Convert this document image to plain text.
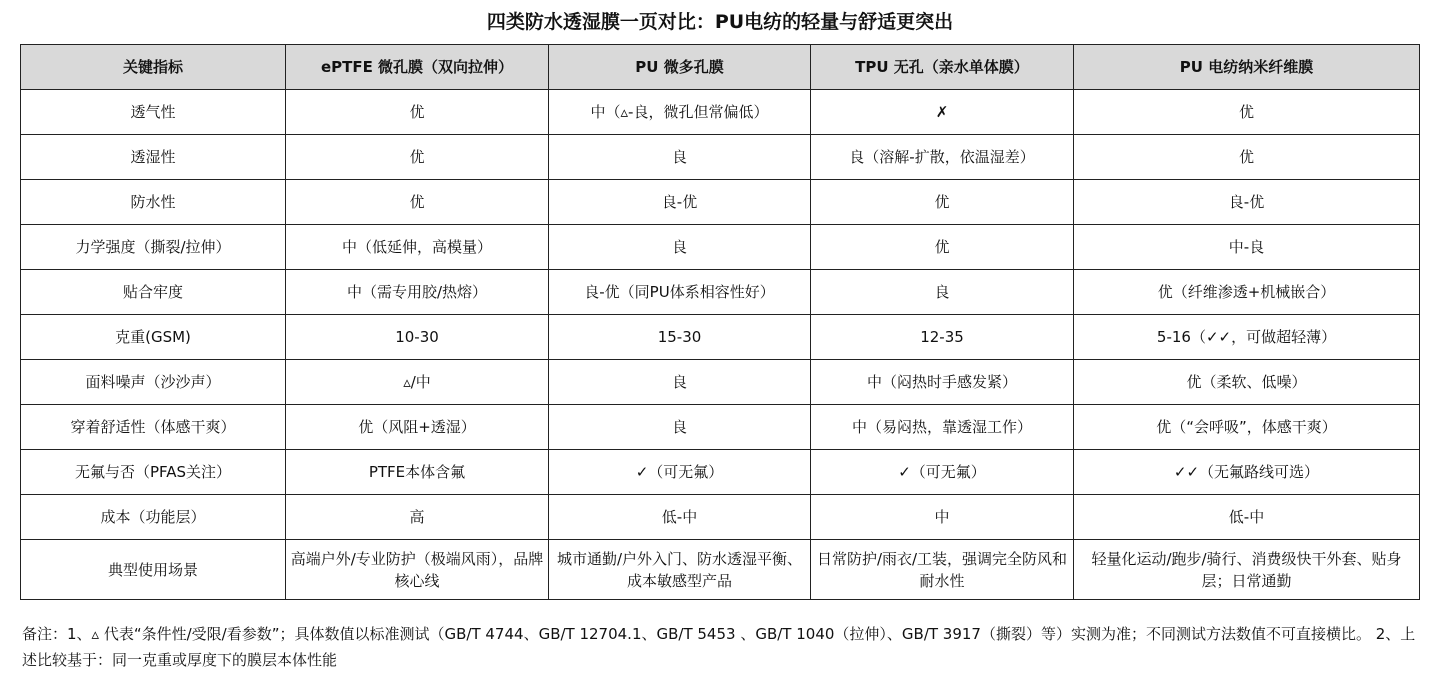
四类防水透湿膜一页对比：PU电纺的轻量与舒适更突出
关键指标	ePTFE 微孔膜（双向拉伸）	PU 微多孔膜	TPU 无孔（亲水单体膜）	PU 电纺纳米纤维膜
透气性	优	中（▵-良，微孔但常偏低）	✗	优
透湿性	优	良	良（溶解-扩散，依温湿差）	优
防水性	优	良-优	优	良-优
力学强度（撕裂/拉伸）	中（低延伸，高模量）	良	优	中-良
贴合牢度	中（需专用胶/热熔）	良-优（同PU体系相容性好）	良	优（纤维渗透+机械嵌合）
克重(GSM)	10-30	15-30	12-35	5-16（✓✓，可做超轻薄）
面料噪声（沙沙声）	▵/中	良	中（闷热时手感发紧）	优（柔软、低噪）
穿着舒适性（体感干爽）	优（风阻+透湿）	良	中（易闷热，靠透湿工作）	优（“会呼吸”，体感干爽）
无氟与否（PFAS关注）	PTFE本体含氟	✓（可无氟）	✓（可无氟）	✓✓（无氟路线可选）
成本（功能层）	高	低-中	中	低-中
典型使用场景	高端户外/专业防护（极端风雨），品牌核心线	城市通勤/户外入门、防水透湿平衡、成本敏感型产品	日常防护/雨衣/工装，强调完全防风和耐水性	轻量化运动/跑步/骑行、消费级快干外套、贴身层；日常通勤
备注：1、▵ 代表“条件性/受限/看参数”；具体数值以标准测试（GB/T 4744、GB/T 12704.1、GB/T 5453 、GB/T 1040（拉伸）、GB/T 3917（撕裂）等）实测为准；不同测试方法数值不可直接横比。 2、上述比较基于：同一克重或厚度下的膜层本体性能
